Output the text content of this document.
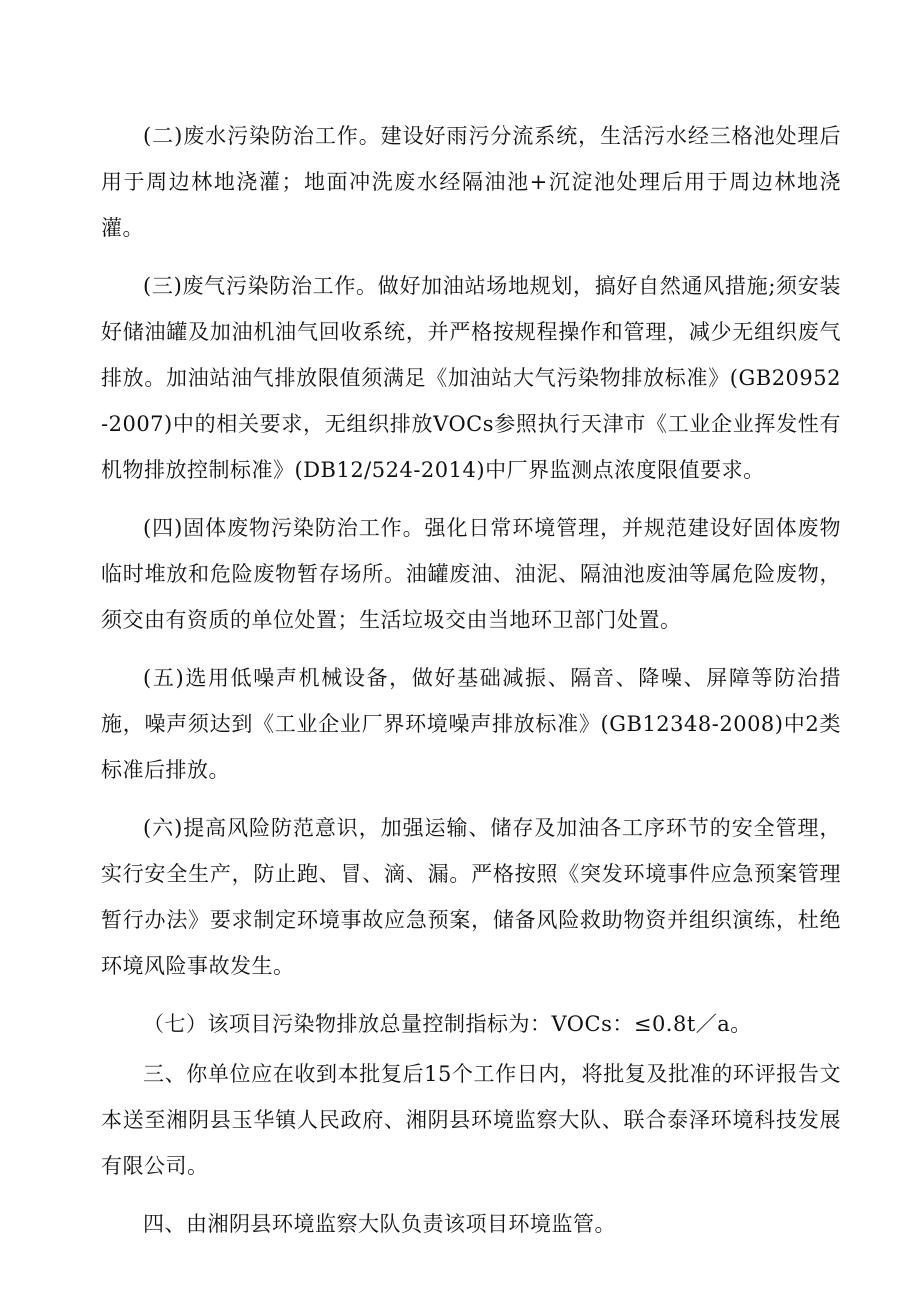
(二)废水污染防治工作。建设好雨污分流系统，生活污水经三格池处理后用于周边林地浇灌；地面冲洗废水经隔油池+沉淀池处理后用于周边林地浇灌。

(三)废气污染防治工作。做好加油站场地规划，搞好自然通风措施;须安装好储油罐及加油机油气回收系统，并严格按规程操作和管理，减少无组织废气排放。加油站油气排放限值须满足《加油站大气污染物排放标准》(GB20952-2007)中的相关要求，无组织排放VOCs参照执行天津市《工业企业挥发性有机物排放控制标准》(DB12/524-2014)中厂界监测点浓度限值要求。

(四)固体废物污染防治工作。强化日常环境管理，并规范建设好固体废物临时堆放和危险废物暂存场所。油罐废油、油泥、隔油池废油等属危险废物，须交由有资质的单位处置；生活垃圾交由当地环卫部门处置。

(五)选用低噪声机械设备，做好基础减振、隔音、降噪、屏障等防治措施，噪声须达到《工业企业厂界环境噪声排放标准》(GB12348-2008)中2类标准后排放。

(六)提高风险防范意识，加强运输、储存及加油各工序环节的安全管理，实行安全生产，防止跑、冒、滴、漏。严格按照《突发环境事件应急预案管理暂行办法》要求制定环境事故应急预案，储备风险救助物资并组织演练，杜绝环境风险事故发生。

（七）该项目污染物排放总量控制指标为：VOCs：≤0.8t／a。

三、你单位应在收到本批复后15个工作日内，将批复及批准的环评报告文本送至湘阴县玉华镇人民政府、湘阴县环境监察大队、联合泰泽环境科技发展有限公司。

四、由湘阴县环境监察大队负责该项目环境监管。
